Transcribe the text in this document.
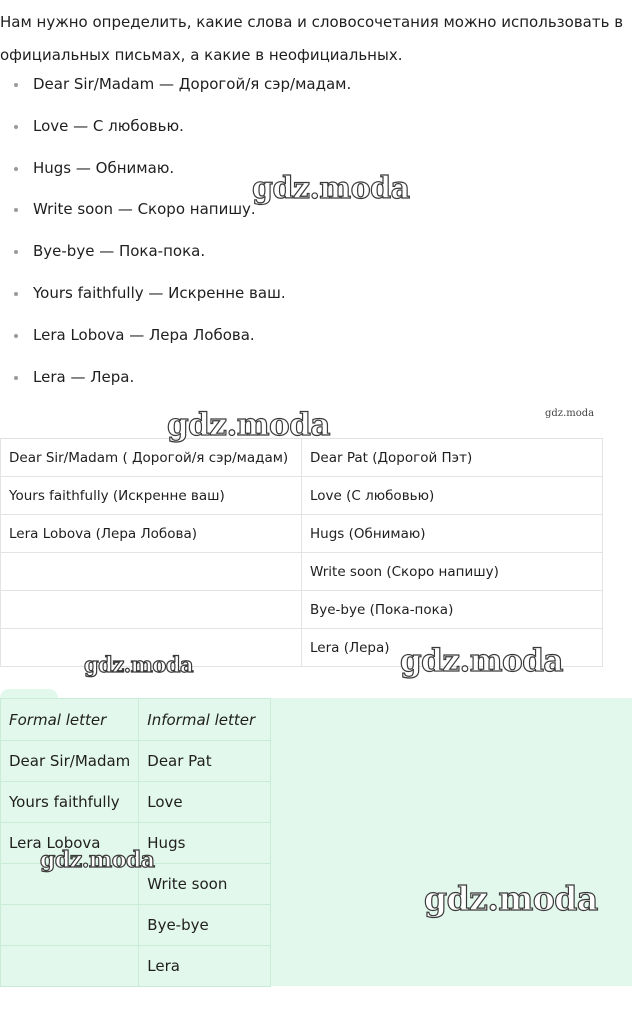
Нам нужно определить, какие слова и словосочетания можно использовать в официальных письмах, а какие в неофициальных.
Dear Sir/Madam — Дорогой/я сэр/мадам.
Love — С любовью.
Hugs — Обнимаю.
Write soon — Скоро напишу.
Bye-bye — Пока-пока.
Yours faithfully — Искренне ваш.
Lera Lobova — Лера Лобова.
Lera — Лера.
Dear Sir/Madam ( Дорогой/я сэр/мадам)	Dear Pat (Дорогой Пэт)
Yours faithfully (Искренне ваш)	Love (С любовью)
Lera Lobova (Лера Лобова)	Hugs (Обнимаю)
	Write soon (Скоро напишу)
	Bye-bye (Пока-пока)
	Lera (Лера)
Formal letter	Informal letter
Dear Sir/Madam	Dear Pat
Yours faithfully	Love
Lera Lobova	Hugs
	Write soon
	Bye-bye
	Lera
gdz.moda
gdz.moda	gdz.moda
gdz.moda	gdz.moda
gdz.moda
gdz.moda
